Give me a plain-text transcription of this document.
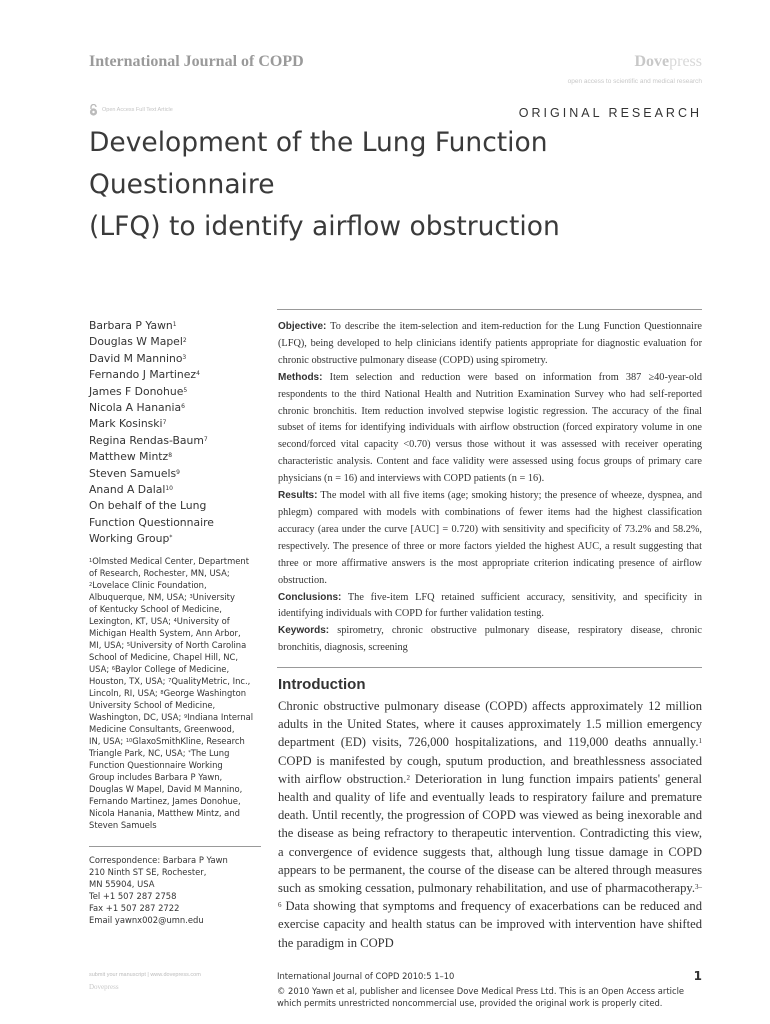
International Journal of COPD	Dovepress
open access to scientific and medical research
Open Access Full Text Article	ORIGINAL RESEARCH
Development of the Lung Function Questionnaire
(LFQ) to identify airflow obstruction
Barbara P Yawn$^1$
Douglas W Mapel$^2$
David M Mannino$^3$
Fernando J Martinez$^4$
James F Donohue$^5$
Nicola A Hanania$^6$
Mark Kosinski$^7$
Regina Rendas-Baum$^7$
Matthew Mintz$^8$
Steven Samuels$^9$
Anand A Dalal$^{10}$
On behalf of the Lung
Function Questionnaire
Working Group*
$^1$Olmsted Medical Center, Department
of Research, Rochester, MN, USA;
$^2$Lovelace Clinic Foundation,
Albuquerque, NM, USA; $^3$University
of Kentucky School of Medicine,
Lexington, KT, USA; $^4$University of
Michigan Health System, Ann Arbor,
MI, USA; $^5$University of North Carolina
School of Medicine, Chapel Hill, NC,
USA; $^6$Baylor College of Medicine,
Houston, TX, USA; $^7$QualityMetric, Inc.,
Lincoln, RI, USA; $^8$George Washington
University School of Medicine,
Washington, DC, USA; $^9$Indiana Internal
Medicine Consultants, Greenwood,
IN, USA; $^{10}$GlaxoSmithKline, Research
Triangle Park, NC, USA; *The Lung
Function Questionnaire Working
Group includes Barbara P Yawn,
Douglas W Mapel, David M Mannino,
Fernando Martinez, James Donohue,
Nicola Hanania, Matthew Mintz, and
Steven Samuels
Correspondence: Barbara P Yawn
210 Ninth ST SE, Rochester,
MN 55904, USA
Tel +1 507 287 2758
Fax +1 507 287 2722
Email yawnx002@umn.edu

Objective: To describe the item-selection and item-reduction for the Lung Function Questionnaire (LFQ), being developed to help clinicians identify patients appropriate for diagnostic evaluation for chronic obstructive pulmonary disease (COPD) using spirometry.

Methods: Item selection and reduction were based on information from 387 ≥40-year-old respondents to the third National Health and Nutrition Examination Survey who had self-reported chronic bronchitis. Item reduction involved stepwise logistic regression. The accuracy of the final subset of items for identifying individuals with airflow obstruction (forced expiratory volume in one second/forced vital capacity <0.70) versus those without it was assessed with receiver operating characteristic analysis. Content and face validity were assessed using focus groups of primary care physicians (n = 16) and interviews with COPD patients (n = 16).

Results: The model with all five items (age; smoking history; the presence of wheeze, dyspnea, and phlegm) compared with models with combinations of fewer items had the highest classification accuracy (area under the curve [AUC] = 0.720) with sensitivity and specificity of 73.2% and 58.2%, respectively. The presence of three or more factors yielded the highest AUC, a result suggesting that three or more affirmative answers is the most appropriate criterion indicating presence of airflow obstruction.

Conclusions: The five-item LFQ retained sufficient accuracy, sensitivity, and specificity in identifying individuals with COPD for further validation testing.

Keywords: spirometry, chronic obstructive pulmonary disease, respiratory disease, chronic bronchitis, diagnosis, screening

Introduction
Chronic obstructive pulmonary disease (COPD) affects approximately 12 million adults in the United States, where it causes approximately 1.5 million emergency department (ED) visits, 726,000 hospitalizations, and 119,000 deaths annually.$^1$ COPD is manifested by cough, sputum production, and breathlessness associated with airflow obstruction.$^2$ Deterioration in lung function impairs patients' general health and quality of life and eventually leads to respiratory failure and premature death. Until recently, the progression of COPD was viewed as being inexorable and the disease as being refractory to therapeutic intervention. Contradicting this view, a convergence of evidence suggests that, although lung tissue damage in COPD appears to be permanent, the course of the disease can be altered through measures such as smoking cessation, pulmonary rehabilitation, and use of pharmacotherapy.$^{3-6}$ Data showing that symptoms and frequency of exacerbations can be reduced and exercise capacity and health status can be improved with intervention have shifted the paradigm in COPD
submit your manuscript | www.dovepress.com
Dovepress
International Journal of COPD 2010:5 1–10	1
© 2010 Yawn et al, publisher and licensee Dove Medical Press Ltd. This is an Open Access article
which permits unrestricted noncommercial use, provided the original work is properly cited.
